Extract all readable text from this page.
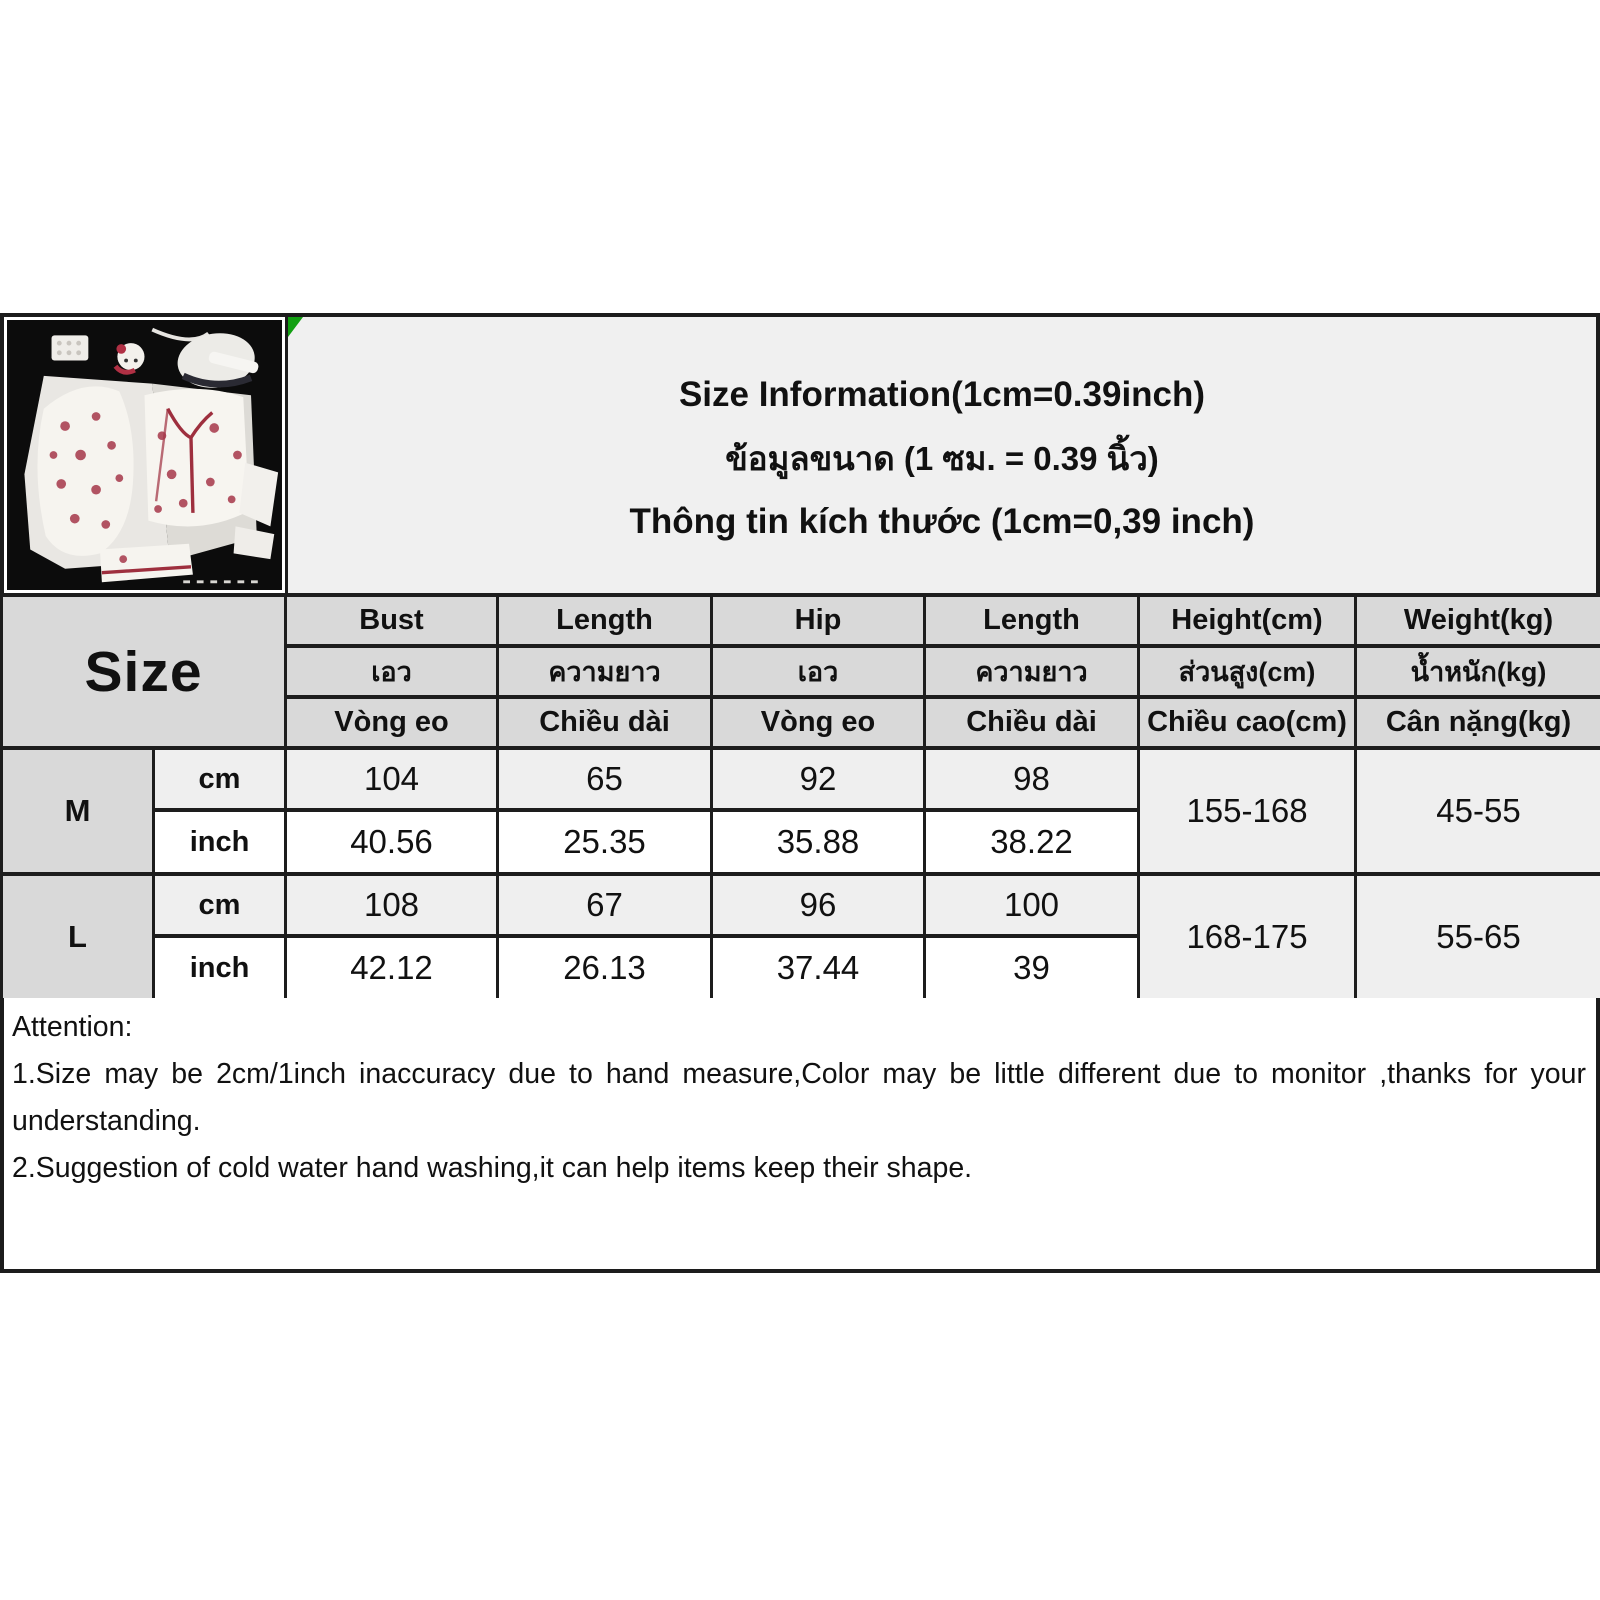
Size Information(1cm=0.39inch)
ข้อมูลขนาด (1 ซม. = 0.39 นิ้ว)
Thông tin kích thước (1cm=0,39 inch)
Size		Bust	Length	Hip	Length	Height(cm)	Weight(kg)
		เอว	ความยาว	เอว	ความยาว	ส่วนสูง(cm)	น้ำหนัก(kg)
		Vòng eo	Chiều dài	Vòng eo	Chiều dài	Chiều cao(cm)	Cân nặng(kg)
M	cm	104	65	92	98	155-168	45-55
	inch	40.56	25.35	35.88	38.22		
L	cm	108	67	96	100	168-175	55-65
	inch	42.12	26.13	37.44	39		

Attention:

1.Size may be 2cm/1inch inaccuracy due to hand measure,Color may be little different due to monitor ,thanks for your understanding.

2.Suggestion of cold water hand washing,it can help items keep their shape.
